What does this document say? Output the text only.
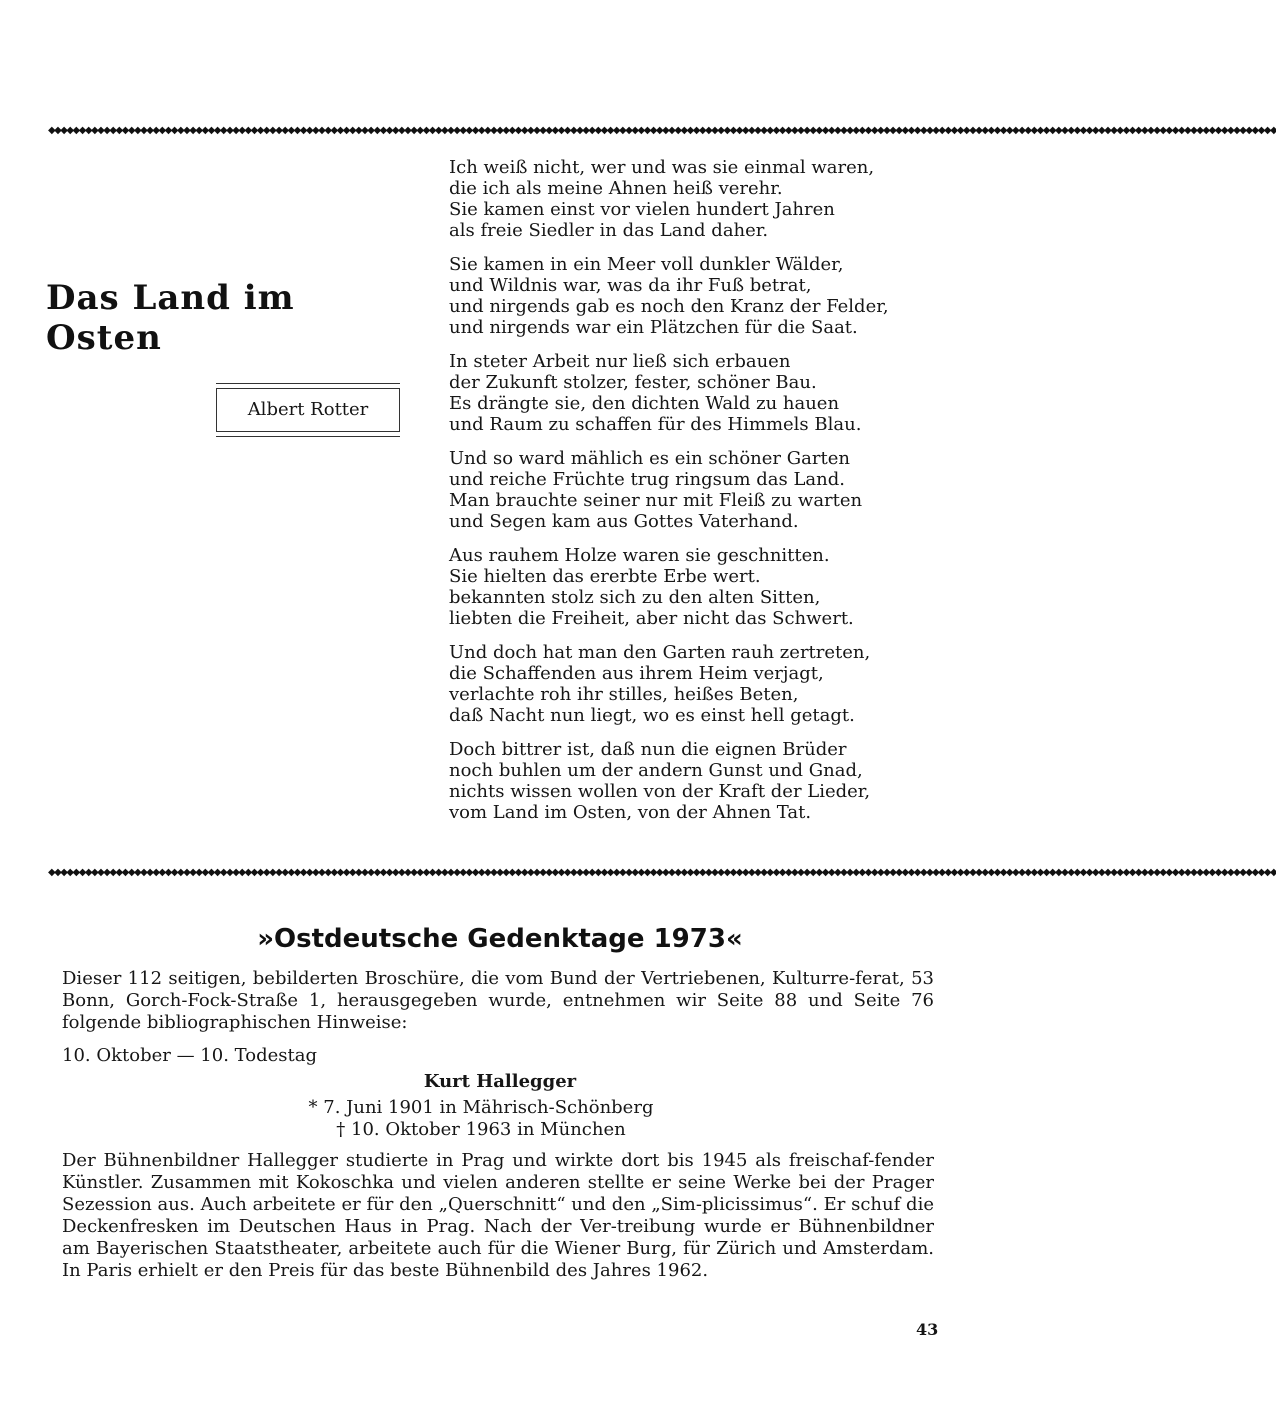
◆◆◆◆◆◆◆◆◆◆◆◆◆◆◆◆◆◆◆◆◆◆◆◆◆◆◆◆◆◆◆◆◆◆◆◆◆◆◆◆◆◆◆◆◆◆◆◆◆◆◆◆◆◆◆◆◆◆◆◆◆◆◆◆◆◆◆◆◆◆◆◆◆◆◆◆◆◆◆◆◆◆◆◆◆◆◆◆◆◆◆◆◆◆◆◆◆◆◆◆◆◆◆◆◆◆◆◆◆◆◆◆◆◆◆◆◆◆◆◆◆◆◆◆◆◆◆◆◆◆◆◆◆◆◆◆◆◆◆◆◆◆◆◆◆◆◆◆◆◆◆◆◆◆◆◆◆◆◆◆◆◆◆◆◆◆◆◆◆◆◆◆◆◆◆◆◆◆◆◆◆◆◆◆◆◆◆◆◆◆◆◆◆◆◆◆◆◆◆◆
Das Land im Osten
Albert Rotter
Ich weiß nicht, wer und was sie einmal waren,
die ich als meine Ahnen heiß verehr.
Sie kamen einst vor vielen hundert Jahren
als freie Siedler in das Land daher.
Sie kamen in ein Meer voll dunkler Wälder,
und Wildnis war, was da ihr Fuß betrat,
und nirgends gab es noch den Kranz der Felder,
und nirgends war ein Plätzchen für die Saat.
In steter Arbeit nur ließ sich erbauen
der Zukunft stolzer, fester, schöner Bau.
Es drängte sie, den dichten Wald zu hauen
und Raum zu schaffen für des Himmels Blau.
Und so ward mählich es ein schöner Garten
und reiche Früchte trug ringsum das Land.
Man brauchte seiner nur mit Fleiß zu warten
und Segen kam aus Gottes Vaterhand.
Aus rauhem Holze waren sie geschnitten.
Sie hielten das ererbte Erbe wert.
bekannten stolz sich zu den alten Sitten,
liebten die Freiheit, aber nicht das Schwert.
Und doch hat man den Garten rauh zertreten,
die Schaffenden aus ihrem Heim verjagt,
verlachte roh ihr stilles, heißes Beten,
daß Nacht nun liegt, wo es einst hell getagt.
Doch bittrer ist, daß nun die eignen Brüder
noch buhlen um der andern Gunst und Gnad,
nichts wissen wollen von der Kraft der Lieder,
vom Land im Osten, von der Ahnen Tat.
◆◆◆◆◆◆◆◆◆◆◆◆◆◆◆◆◆◆◆◆◆◆◆◆◆◆◆◆◆◆◆◆◆◆◆◆◆◆◆◆◆◆◆◆◆◆◆◆◆◆◆◆◆◆◆◆◆◆◆◆◆◆◆◆◆◆◆◆◆◆◆◆◆◆◆◆◆◆◆◆◆◆◆◆◆◆◆◆◆◆◆◆◆◆◆◆◆◆◆◆◆◆◆◆◆◆◆◆◆◆◆◆◆◆◆◆◆◆◆◆◆◆◆◆◆◆◆◆◆◆◆◆◆◆◆◆◆◆◆◆◆◆◆◆◆◆◆◆◆◆◆◆◆◆◆◆◆◆◆◆◆◆◆◆◆◆◆◆◆◆◆◆◆◆◆◆◆◆◆◆◆◆◆◆◆◆◆◆◆◆◆◆◆◆◆◆◆◆◆◆
»Ostdeutsche Gedenktage 1973«
Dieser 112 seitigen, bebilderten Broschüre, die vom Bund der Vertriebenen, Kulturre-ferat, 53 Bonn, Gorch-Fock-Straße 1, herausgegeben wurde, entnehmen wir Seite 88 und Seite 76 folgende bibliographischen Hinweise:
10. Oktober — 10. Todestag
Kurt Hallegger
* 7. Juni 1901 in Mährisch-Schönberg
† 10. Oktober 1963 in München
Der Bühnenbildner Hallegger studierte in Prag und wirkte dort bis 1945 als freischaf-fender Künstler. Zusammen mit Kokoschka und vielen anderen stellte er seine Werke bei der Prager Sezession aus. Auch arbeitete er für den „Querschnitt“ und den „Sim-plicissimus“. Er schuf die Deckenfresken im Deutschen Haus in Prag. Nach der Ver-treibung wurde er Bühnenbildner am Bayerischen Staatstheater, arbeitete auch für die Wiener Burg, für Zürich und Amsterdam. In Paris erhielt er den Preis für das beste Bühnenbild des Jahres 1962.
43
